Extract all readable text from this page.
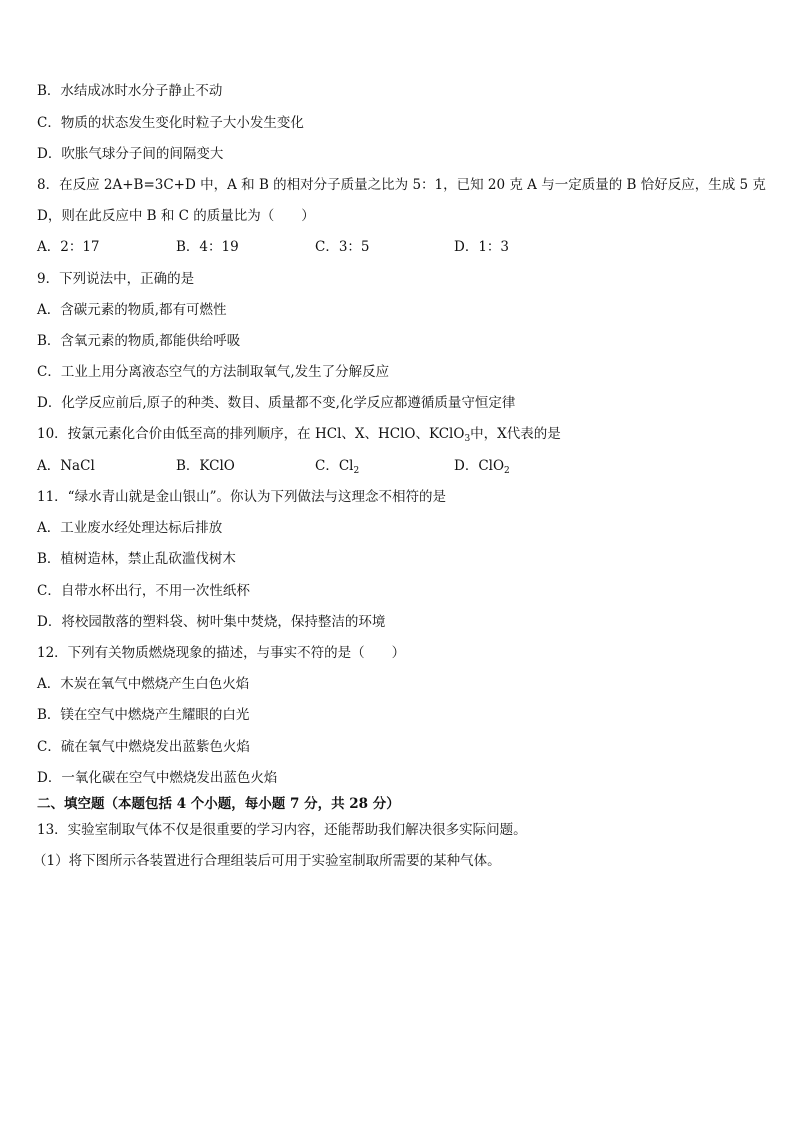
B．水结成冰时水分子静止不动
C．物质的状态发生变化时粒子大小发生变化
D．吹胀气球分子间的间隔变大
8．在反应 2A+B=3C+D 中，A 和 B 的相对分子质量之比为 5：1，已知 20 克 A 与一定质量的 B 恰好反应，生成 5 克
D，则在此反应中 B 和 C 的质量比为（　　）
A．2：17	B．4：19	C．3：5	D．1：3
9．下列说法中，正确的是
A．含碳元素的物质,都有可燃性
B．含氧元素的物质,都能供给呼吸
C．工业上用分离液态空气的方法制取氧气,发生了分解反应
D．化学反应前后,原子的种类、数目、质量都不变,化学反应都遵循质量守恒定律
10．按氯元素化合价由低至高的排列顺序，在 HCl、X、HClO、KClO$_3$中，X代表的是
A．NaCl	B．KClO	C．$Cl_2$	D．ClO$_2$
11．“绿水青山就是金山银山”。你认为下列做法与这理念不相符的是
A．工业废水经处理达标后排放
B．植树造林，禁止乱砍滥伐树木
C．自带水杯出行，不用一次性纸杯
D．将校园散落的塑料袋、树叶集中焚烧，保持整洁的环境
12．下列有关物质燃烧现象的描述，与事实不符的是（　　）
A．木炭在氧气中燃烧产生白色火焰
B．镁在空气中燃烧产生耀眼的白光
C．硫在氧气中燃烧发出蓝紫色火焰
D．一氧化碳在空气中燃烧发出蓝色火焰
二、填空题（本题包括 4 个小题，每小题 7 分，共 28 分）
13．实验室制取气体不仅是很重要的学习内容，还能帮助我们解决很多实际问题。
（1）将下图所示各装置进行合理组装后可用于实验室制取所需要的某种气体。
